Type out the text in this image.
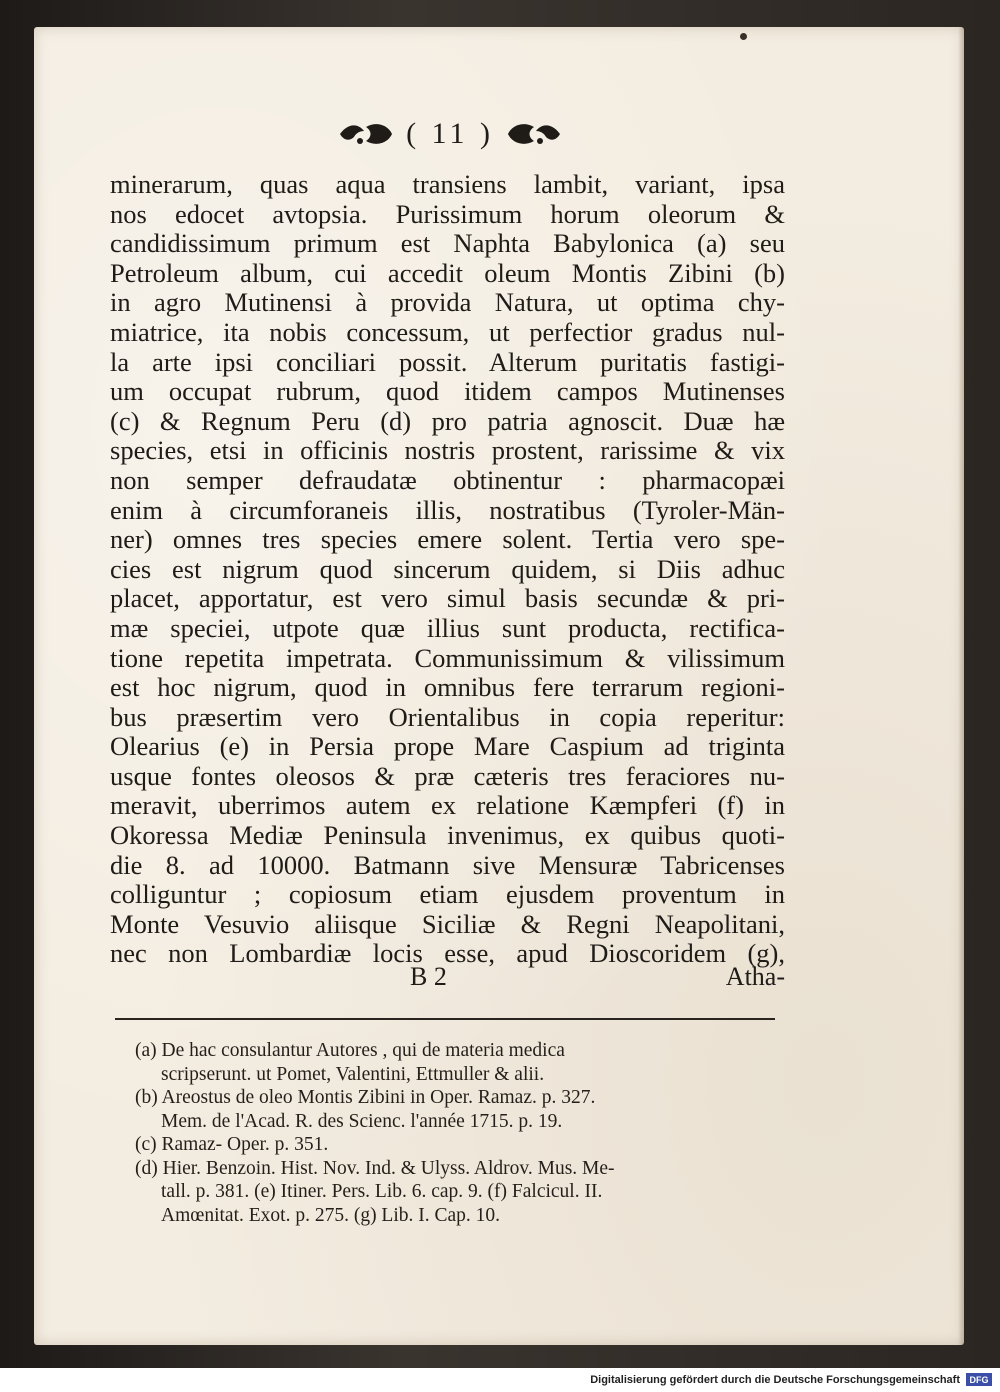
( 11 )
minerarum, quas aqua transiens lambit, variant, ipsa
nos edocet avtopsia. Purissimum horum oleorum &
candidissimum primum est Naphta Babylonica (a) seu
Petroleum album, cui accedit oleum Montis Zibini (b)
in agro Mutinensi à provida Natura, ut optima chy-
miatrice, ita nobis concessum, ut perfectior gradus nul-
la arte ipsi conciliari possit. Alterum puritatis fastigi-
um occupat rubrum, quod itidem campos Mutinenses
(c) & Regnum Peru (d) pro patria agnoscit. Duæ hæ
species, etsi in officinis nostris prostent, rarissime & vix
non semper defraudatæ obtinentur : pharmacopæi
enim à circumforaneis illis, nostratibus (Tyroler-Män-
ner) omnes tres species emere solent. Tertia vero spe-
cies est nigrum quod sincerum quidem, si Diis adhuc
placet, apportatur, est vero simul basis secundæ & pri-
mæ speciei, utpote quæ illius sunt producta, rectifica-
tione repetita impetrata. Communissimum & vilissimum
est hoc nigrum, quod in omnibus fere terrarum regioni-
bus præsertim vero Orientalibus in copia reperitur:
Olearius (e) in Persia prope Mare Caspium ad triginta
usque fontes oleosos & præ cæteris tres feraciores nu-
meravit, uberrimos autem ex relatione Kæmpferi (f) in
Okoressa Mediæ Peninsula invenimus, ex quibus quoti-
die 8. ad 10000. Batmann sive Mensuræ Tabricenses
colliguntur ; copiosum etiam ejusdem proventum in
Monte Vesuvio aliisque Siciliæ & Regni Neapolitani,
nec non Lombardiæ locis esse, apud Dioscoridem (g),
B 2	Atha-
(a) De hac consulantur Autores , qui de materia medica
scripserunt. ut Pomet, Valentini, Ettmuller & alii.
(b) Areostus de oleo Montis Zibini in Oper. Ramaz. p. 327.
Mem. de l'Acad. R. des Scienc. l'année 1715. p. 19.
(c) Ramaz- Oper. p. 351.
(d) Hier. Benzoin. Hist. Nov. Ind. & Ulyss. Aldrov. Mus. Me-
tall. p. 381. (e) Itiner. Pers. Lib. 6. cap. 9. (f) Falcicul. II.
Amœnitat. Exot. p. 275. (g) Lib. I. Cap. 10.
Digitalisierung gefördert durch die Deutsche Forschungsgemeinschaft	DFG
